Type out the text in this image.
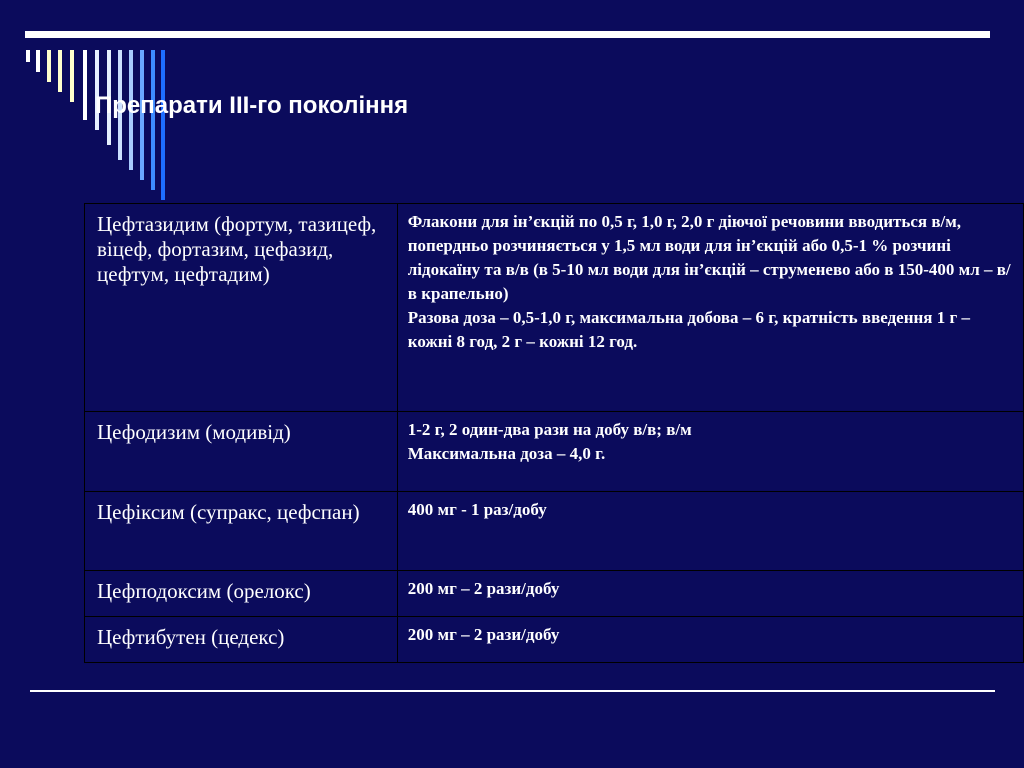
Препарати ІІІ-го покоління
Цефтазидим (фортум, тазицеф, віцеф, фортазим, цефазид, цефтум, цефтадим)	Флакони для ін’єкцій по 0,5 г, 1,0 г, 2,0 г діючої речовини вводиться в/м, попердньо розчиняється у 1,5 мл води для ін’єкцій або 0,5-1 % розчині лідокаїну та в/в (в 5-10 мл води для ін’єкцій – струменево або в 150-400 мл – в/в крапельно)
Разова доза – 0,5-1,0 г, максимальна добова – 6 г, кратність введення 1 г – кожні 8 год, 2 г – кожні 12 год.

Цефодизим (модивід)	1-2 г, 2 один-два рази на добу в/в; в/м
Максимальна доза – 4,0 г.

Цефіксим (супракс, цефспан)	400 мг - 1 раз/добу

Цефподоксим (орелокс)	200 мг – 2 рази/добу

Цефтибутен (цедекс)	200 мг – 2 рази/добу
